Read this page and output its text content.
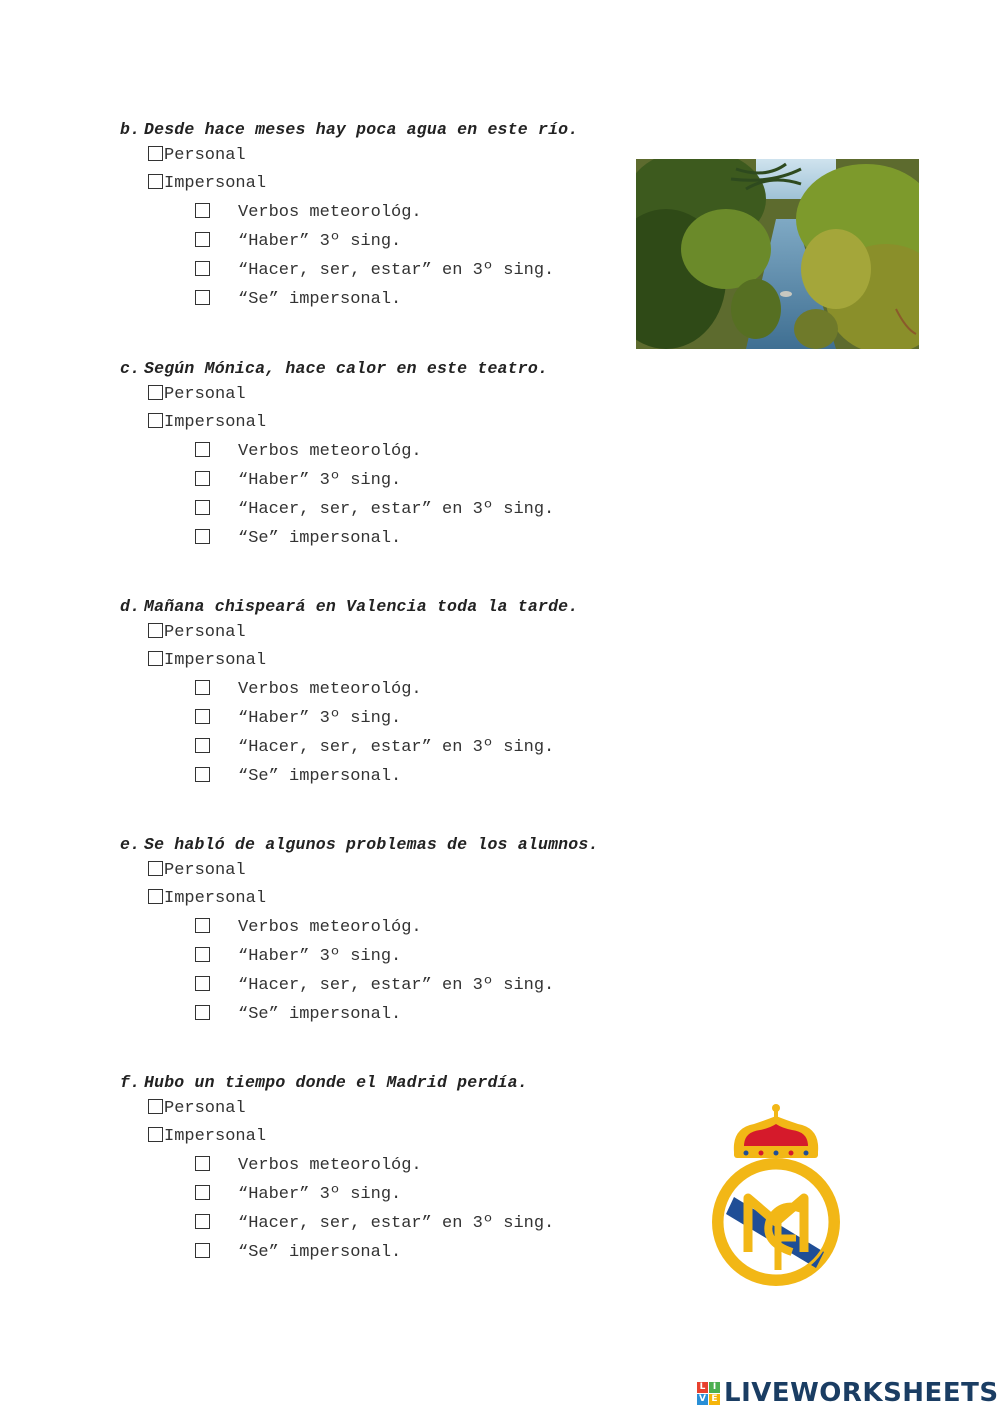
b. Desde hace meses hay poca agua en este río.
Personal
Impersonal
Verbos meteorológ.
“Haber” 3º sing.
“Hacer, ser, estar” en 3º sing.
“Se” impersonal.
c. Según Mónica, hace calor en este teatro.
Personal
Impersonal
Verbos meteorológ.
“Haber” 3º sing.
“Hacer, ser, estar” en 3º sing.
“Se” impersonal.
d. Mañana chispeará en Valencia toda la tarde.
Personal
Impersonal
Verbos meteorológ.
“Haber” 3º sing.
“Hacer, ser, estar” en 3º sing.
“Se” impersonal.
e. Se habló de algunos problemas de los alumnos.
Personal
Impersonal
Verbos meteorológ.
“Haber” 3º sing.
“Hacer, ser, estar” en 3º sing.
“Se” impersonal.
f. Hubo un tiempo donde el Madrid perdía.
Personal
Impersonal
Verbos meteorológ.
“Haber” 3º sing.
“Hacer, ser, estar” en 3º sing.
“Se” impersonal.
L I
V E LIVEWORKSHEETS
